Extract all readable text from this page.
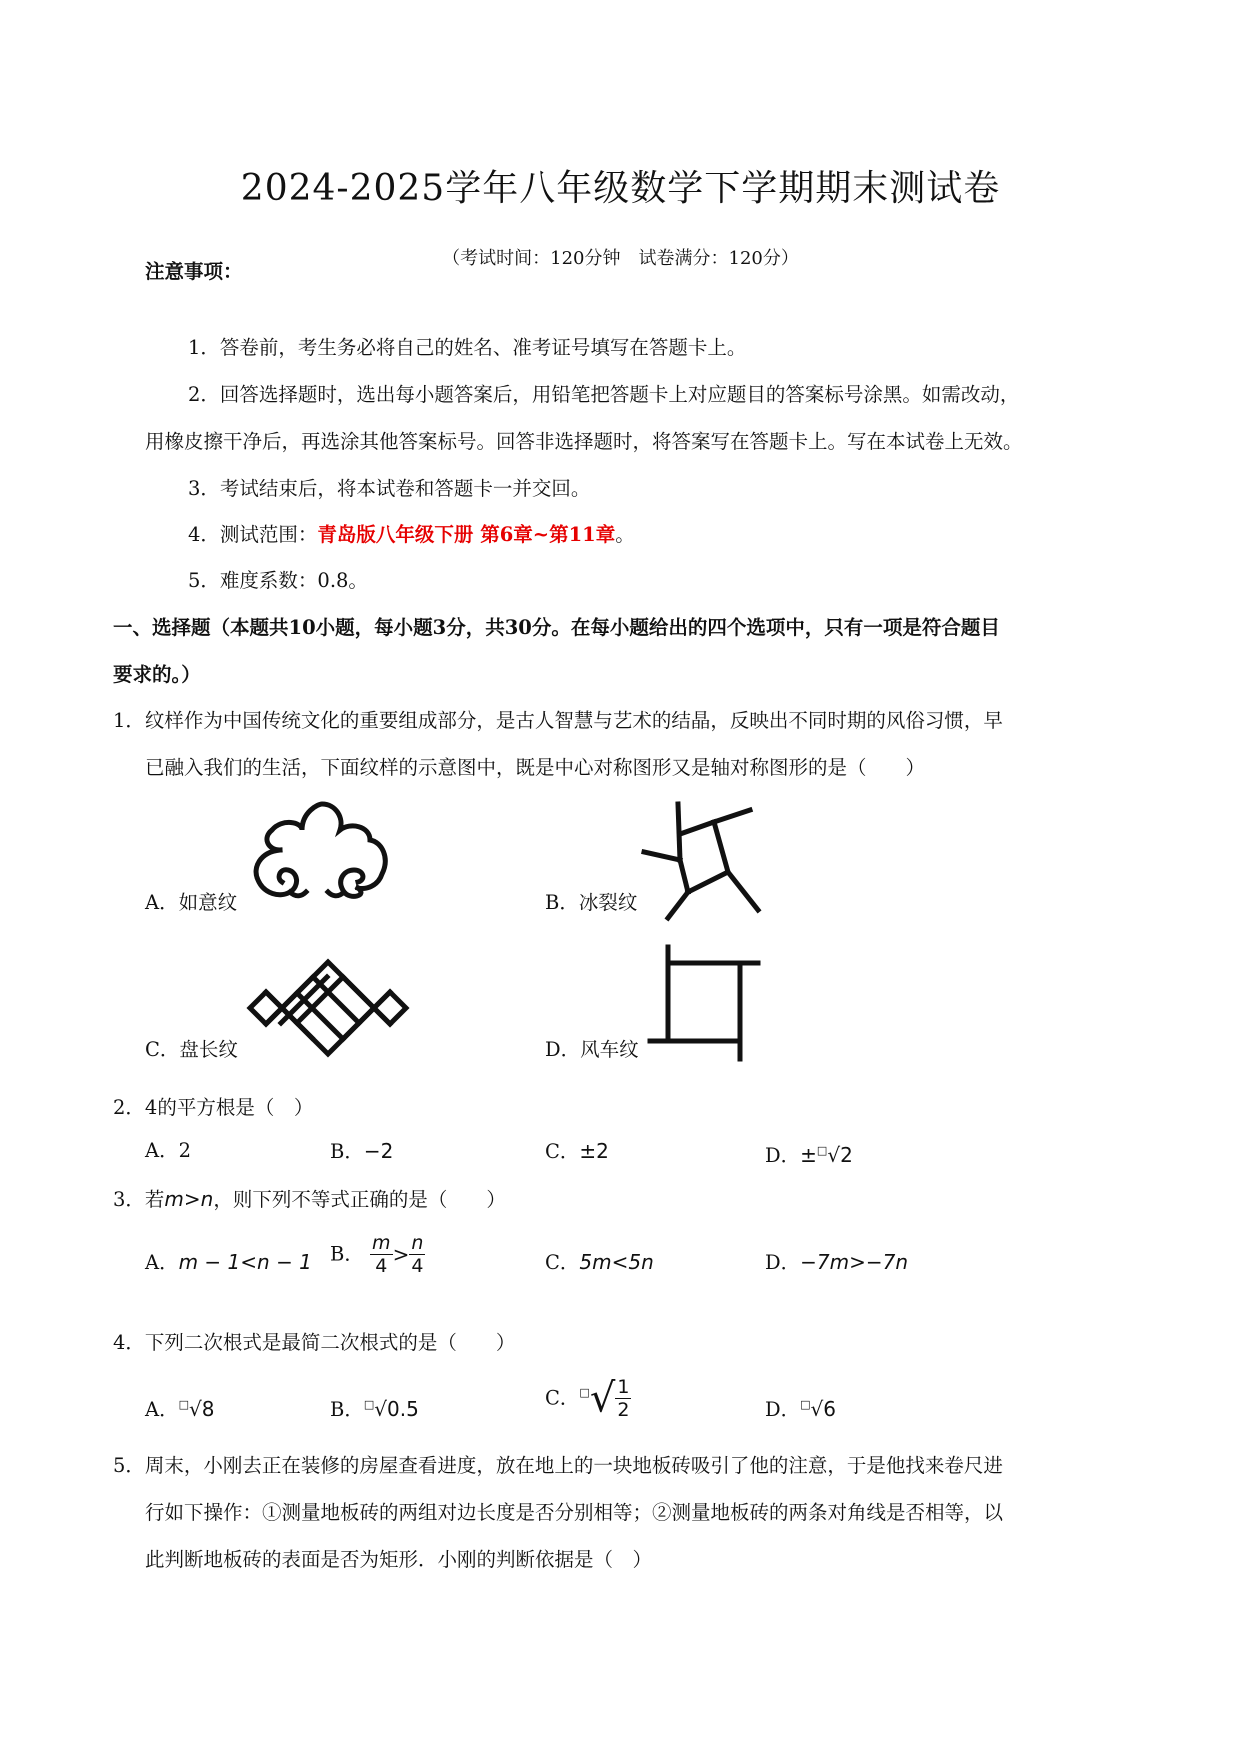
2024-2025学年八年级数学下学期期末测试卷
（考试时间：120分钟　试卷满分：120分）
注意事项：
1．答卷前，考生务必将自己的姓名、准考证号填写在答题卡上。
2．回答选择题时，选出每小题答案后，用铅笔把答题卡上对应题目的答案标号涂黑。如需改动，
用橡皮擦干净后，再选涂其他答案标号。回答非选择题时，将答案写在答题卡上。写在本试卷上无效。
3．考试结束后，将本试卷和答题卡一并交回。
4．测试范围：青岛版八年级下册 第6章~第11章。
5．难度系数：0.8。
一、选择题（本题共10小题，每小题3分，共30分。在每小题给出的四个选项中，只有一项是符合题目
要求的。）
1．纹样作为中国传统文化的重要组成部分，是古人智慧与艺术的结晶，反映出不同时期的风俗习惯，早
已融入我们的生活，下面纹样的示意图中，既是中心对称图形又是轴对称图形的是（　　）
A．如意纹	B．冰裂纹
C．盘长纹	D．风车纹
2．4的平方根是（　）
A．2	B．−2	C．±2	D．±□√2
3．若m>n，则下列不等式正确的是（　　）
A．m − 1<n − 1 B． $\frac{m}{4} > \frac{n}{4}$	C．5m<5n	D．−7m>−7n
4．下列二次根式是最简二次根式的是（　　）
A．□√8	B．□√0.5	C．$^□√ \frac{1}{2}$	D．□√6
5．周末，小刚去正在装修的房屋查看进度，放在地上的一块地板砖吸引了他的注意，于是他找来卷尺进
行如下操作：①测量地板砖的两组对边长度是否分别相等；②测量地板砖的两条对角线是否相等，以
此判断地板砖的表面是否为矩形．小刚的判断依据是（　）
